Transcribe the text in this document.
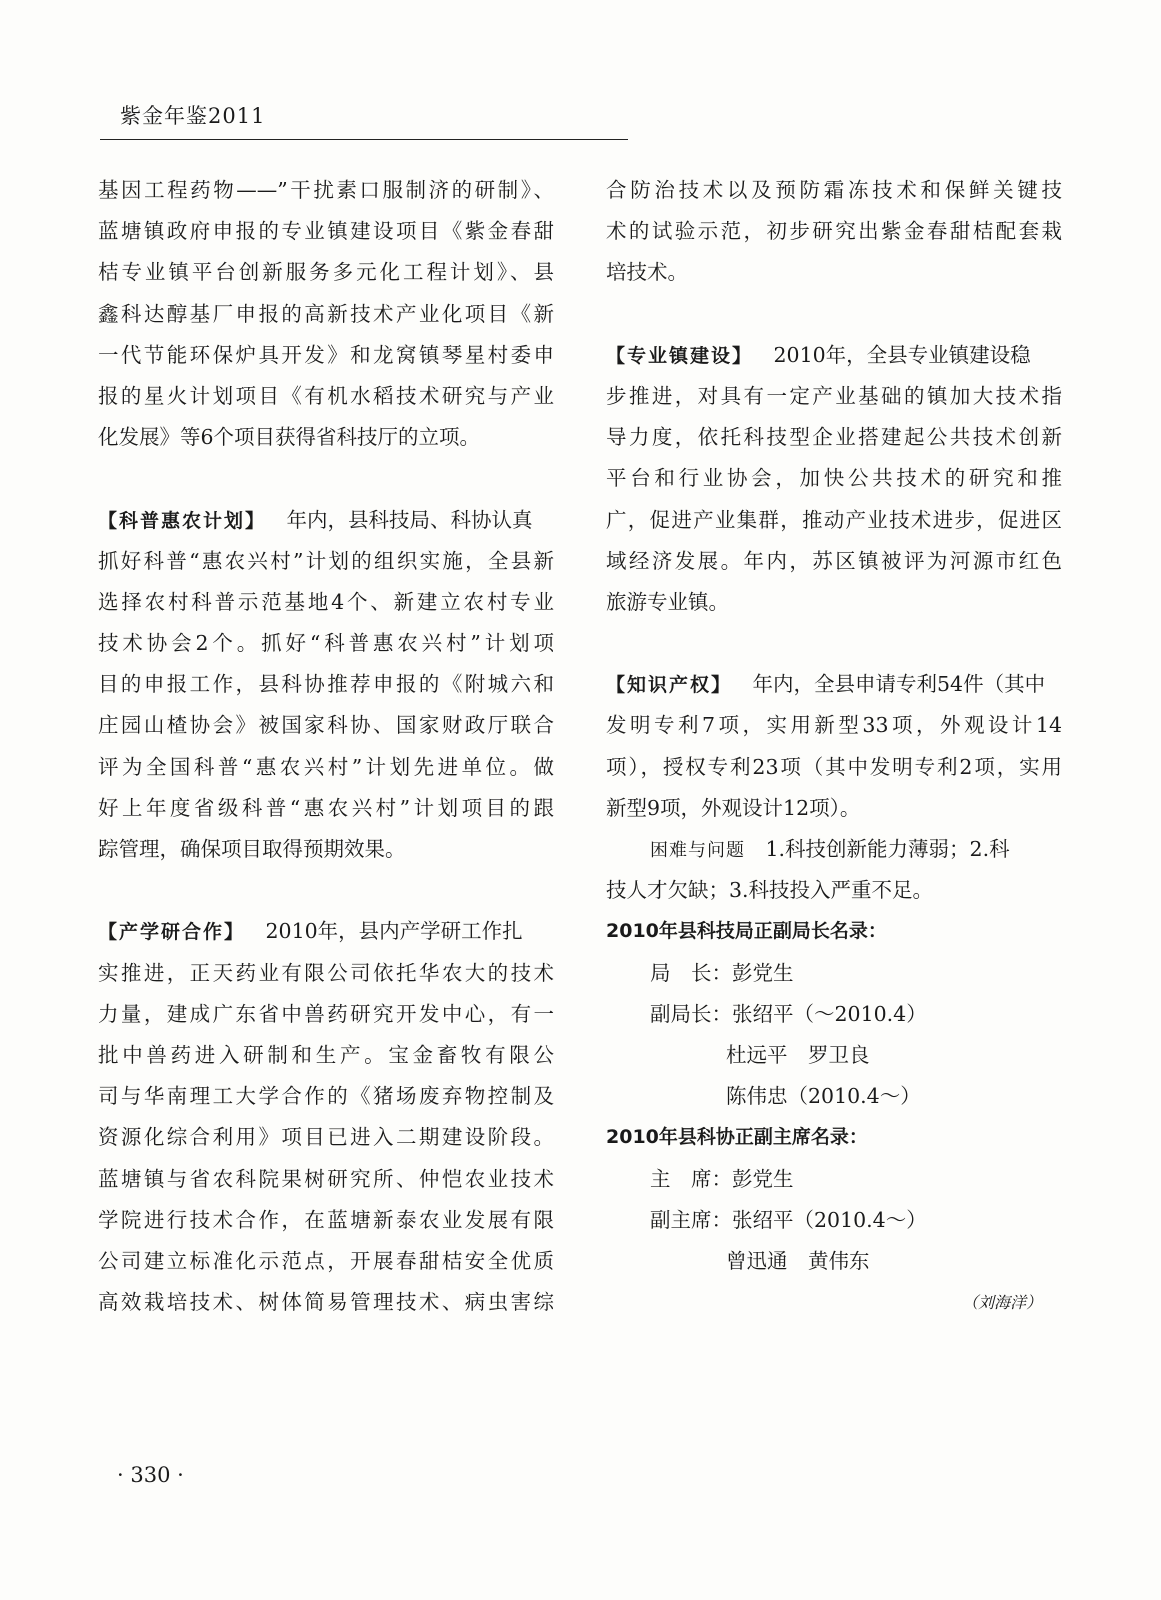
紫金年鉴2011
基因工程药物——”干扰素口服制济的研制》、
蓝塘镇政府申报的专业镇建设项目《紫金春甜
桔专业镇平台创新服务多元化工程计划》、县
鑫科达醇基厂申报的高新技术产业化项目《新
一代节能环保炉具开发》和龙窝镇琴星村委申
报的星火计划项目《有机水稻技术研究与产业
化发展》等6个项目获得省科技厅的立项。
【科普惠农计划】  年内，县科技局、科协认真
抓好科普“惠农兴村”计划的组织实施，全县新
选择农村科普示范基地4个、新建立农村专业
技术协会2个。抓好“科普惠农兴村”计划项
目的申报工作，县科协推荐申报的《附城六和
庄园山楂协会》被国家科协、国家财政厅联合
评为全国科普“惠农兴村”计划先进单位。做
好上年度省级科普“惠农兴村”计划项目的跟
踪管理，确保项目取得预期效果。
【产学研合作】  2010年，县内产学研工作扎
实推进，正天药业有限公司依托华农大的技术
力量，建成广东省中兽药研究开发中心，有一
批中兽药进入研制和生产。宝金畜牧有限公
司与华南理工大学合作的《猪场废弃物控制及
资源化综合利用》项目已进入二期建设阶段。
蓝塘镇与省农科院果树研究所、仲恺农业技术
学院进行技术合作，在蓝塘新泰农业发展有限
公司建立标准化示范点，开展春甜桔安全优质
高效栽培技术、树体简易管理技术、病虫害综
合防治技术以及预防霜冻技术和保鲜关键技
术的试验示范，初步研究出紫金春甜桔配套栽
培技术。
【专业镇建设】  2010年，全县专业镇建设稳
步推进，对具有一定产业基础的镇加大技术指
导力度，依托科技型企业搭建起公共技术创新
平台和行业协会，加快公共技术的研究和推
广，促进产业集群，推动产业技术进步，促进区
域经济发展。年内，苏区镇被评为河源市红色
旅游专业镇。
【知识产权】  年内，全县申请专利54件（其中
发明专利7项，实用新型33项，外观设计14
项），授权专利23项（其中发明专利2项，实用
新型9项，外观设计12项）。
困难与问题  1.科技创新能力薄弱；2.科
技人才欠缺；3.科技投入严重不足。
2010年县科技局正副局长名录：
局　长：彭党生
副局长：张绍平（～2010.4）
杜远平　罗卫良
陈伟忠（2010.4～）
2010年县科协正副主席名录：
主　席：彭党生
副主席：张绍平（2010.4～）
曾迅通　黄伟东
（刘海洋）
· 330 ·
